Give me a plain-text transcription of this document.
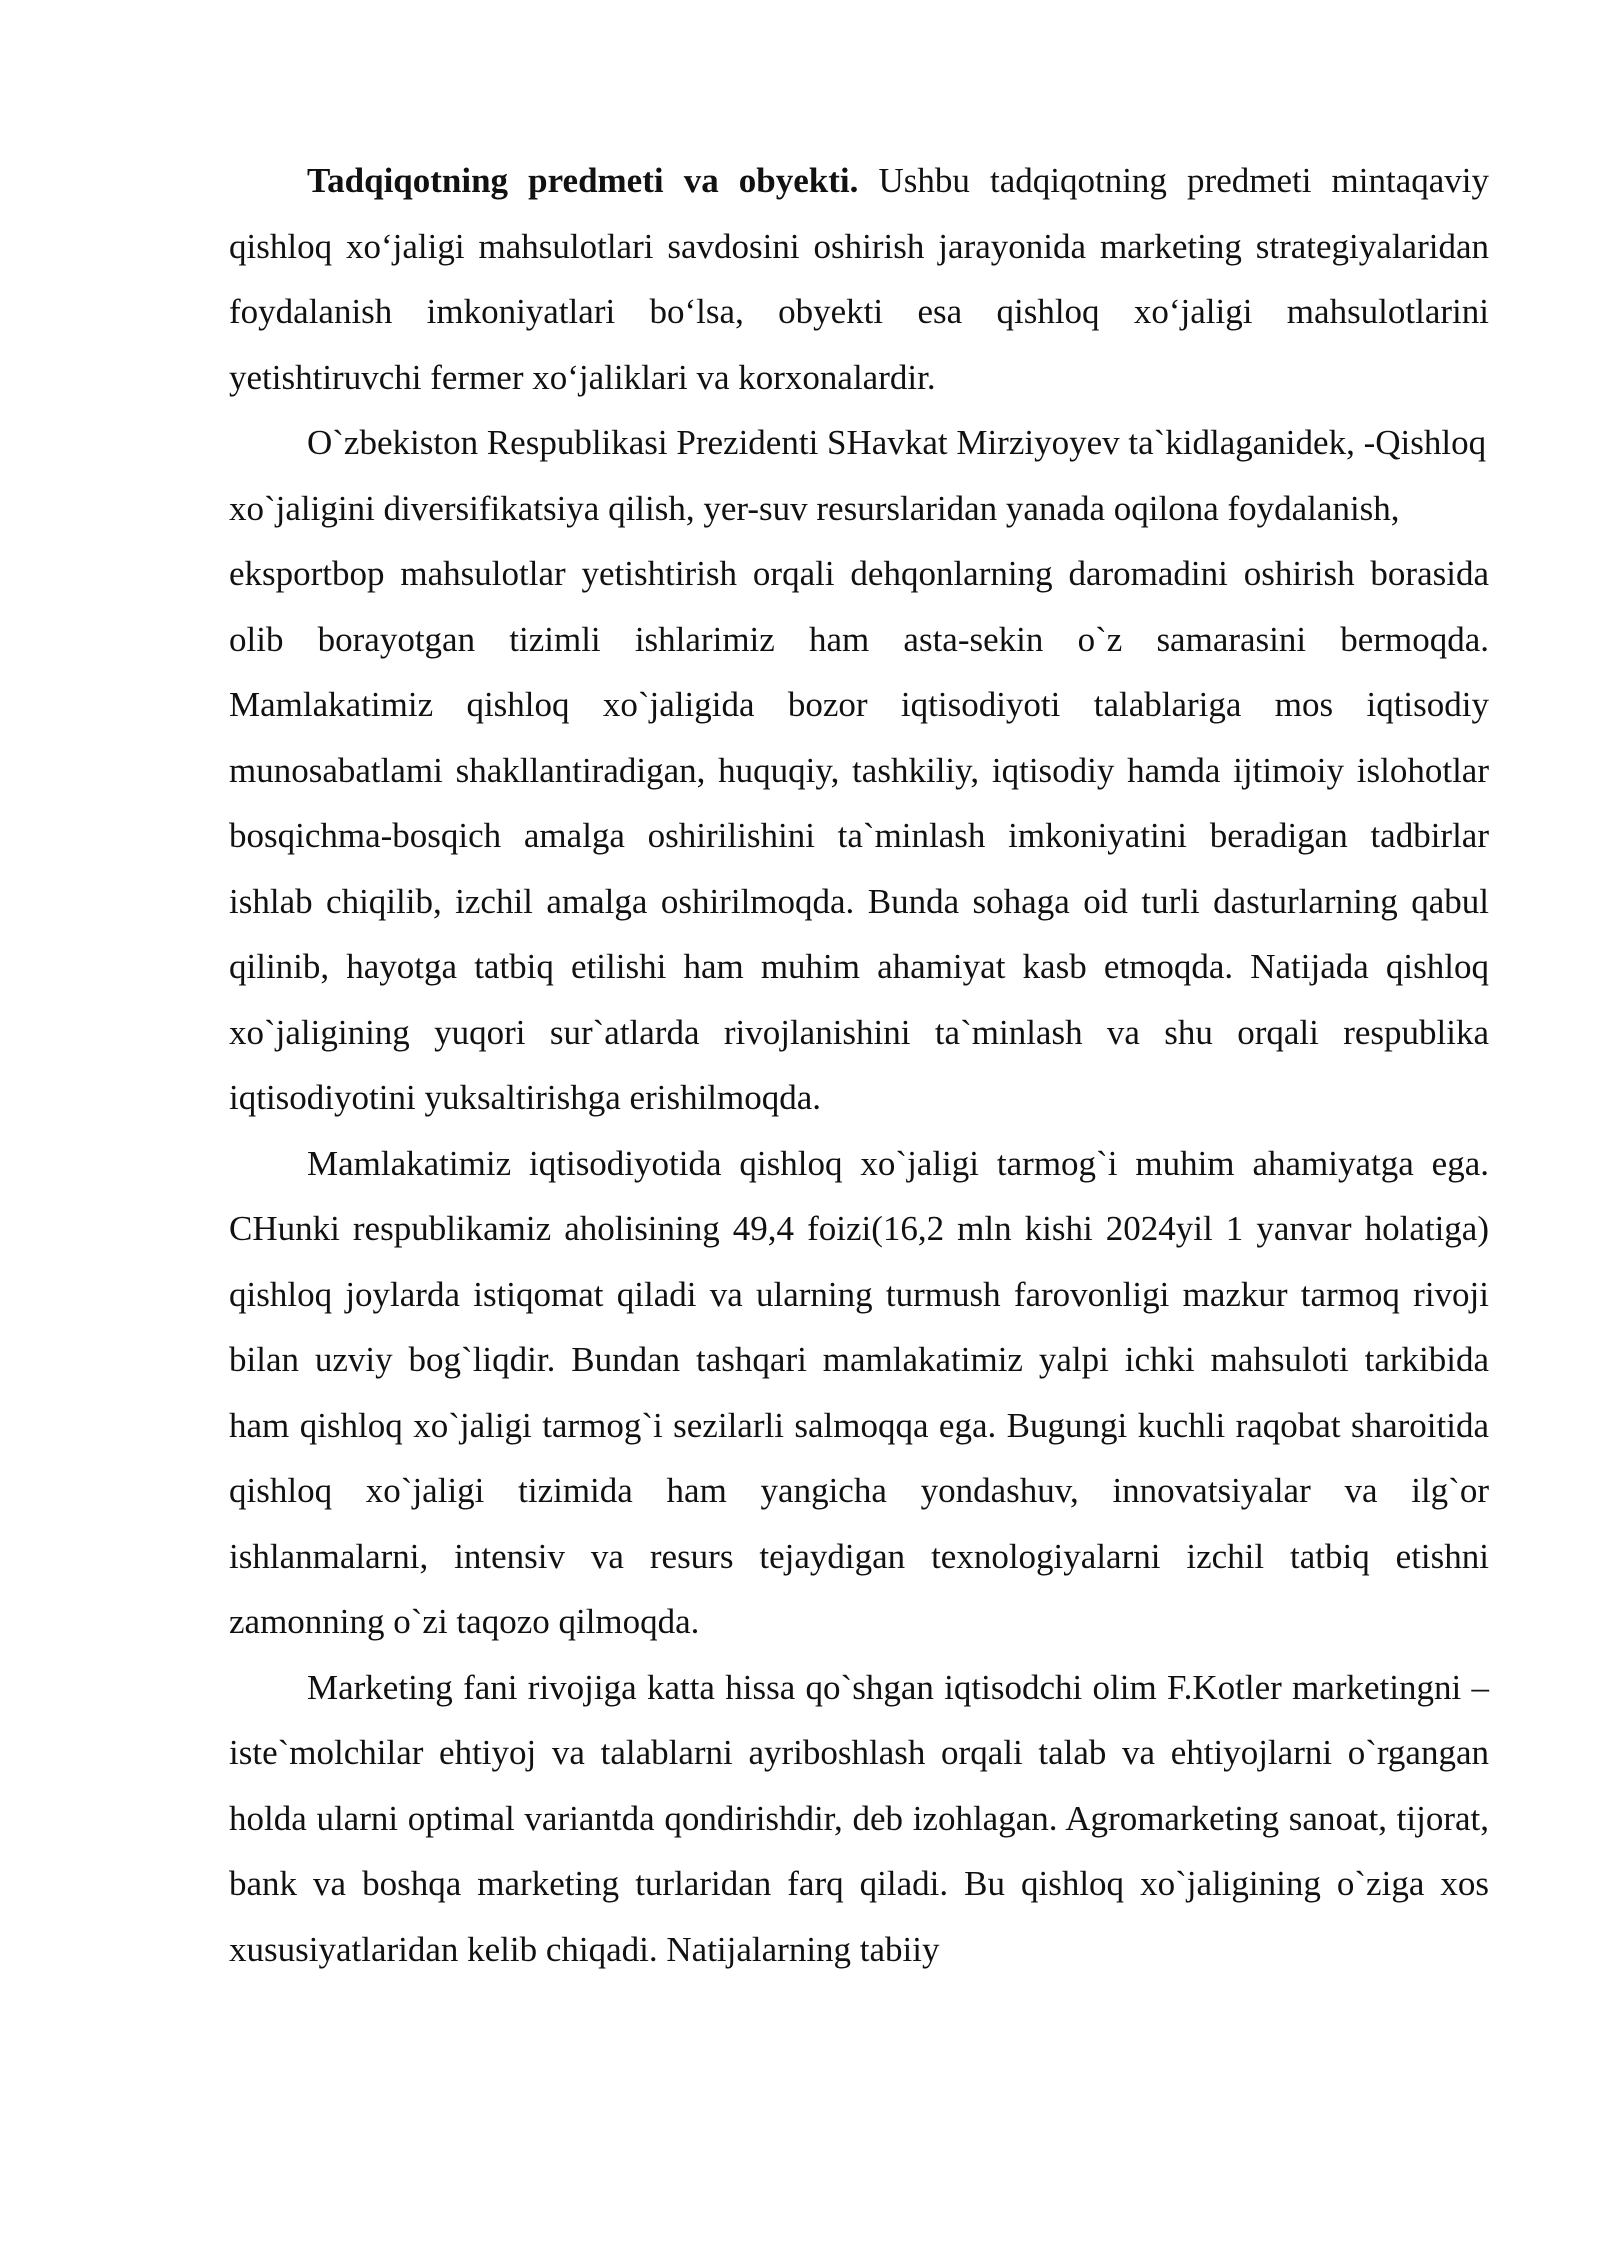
Tadqiqotning predmeti va obyekti. Ushbu tadqiqotning predmeti mintaqaviy qishloq xo‘jaligi mahsulotlari savdosini oshirish jarayonida marketing strategiyalaridan foydalanish imkoniyatlari bo‘lsa, obyekti esa qishloq xo‘jaligi mahsulotlarini yetishtiruvchi fermer xo‘jaliklari va korxonalardir.

O`zbekiston Respublikasi Prezidenti SHavkat Mirziyoyev ta`kidlaganidek, -Qishloq

xo`jaligini diversifikatsiya qilish, yer-suv resurslaridan yanada oqilona foydalanish,

eksportbop mahsulotlar yetishtirish orqali dehqonlarning daromadini oshirish borasida olib borayotgan tizimli ishlarimiz ham asta-sekin o`z samarasini bermoqda. Mamlakatimiz qishloq xo`jaligida bozor iqtisodiyoti talablariga mos iqtisodiy munosabatlami shakllantiradigan, huquqiy, tashkiliy, iqtisodiy hamda ijtimoiy islohotlar bosqichma-bosqich amalga oshirilishini ta`minlash imkoniyatini beradigan tadbirlar ishlab chiqilib, izchil amalga oshirilmoqda. Bunda sohaga oid turli dasturlarning qabul qilinib, hayotga tatbiq etilishi ham muhim ahamiyat kasb etmoqda. Natijada qishloq xo`jaligining yuqori sur`atlarda rivojlanishini ta`minlash va shu orqali respublika iqtisodiyotini yuksaltirishga erishilmoqda.

Mamlakatimiz iqtisodiyotida qishloq xo`jaligi tarmog`i muhim ahamiyatga ega. CHunki respublikamiz aholisining 49,4 foizi(16,2 mln kishi 2024yil 1 yanvar holatiga) qishloq joylarda istiqomat qiladi va ularning turmush farovonligi mazkur tarmoq rivoji bilan uzviy bog`liqdir. Bundan tashqari mamlakatimiz yalpi ichki mahsuloti tarkibida ham qishloq xo`jaligi tarmog`i sezilarli salmoqqa ega. Bugungi kuchli raqobat sharoitida qishloq xo`jaligi tizimida ham yangicha yondashuv, innovatsiyalar va ilg`or ishlanmalarni, intensiv va resurs tejaydigan texnologiyalarni izchil tatbiq etishni zamonning o`zi taqozo qilmoqda.

Marketing fani rivojiga katta hissa qo`shgan iqtisodchi olim F.Kotler marketingni – iste`molchilar ehtiyoj va talablarni ayriboshlash orqali talab va ehtiyojlarni o`rgangan holda ularni optimal variantda qondirishdir, deb izohlagan. Agromarketing sanoat, tijorat, bank va boshqa marketing turlaridan farq qiladi. Bu qishloq xo`jaligining o`ziga xos xususiyatlaridan kelib chiqadi. Natijalarning tabiiy
